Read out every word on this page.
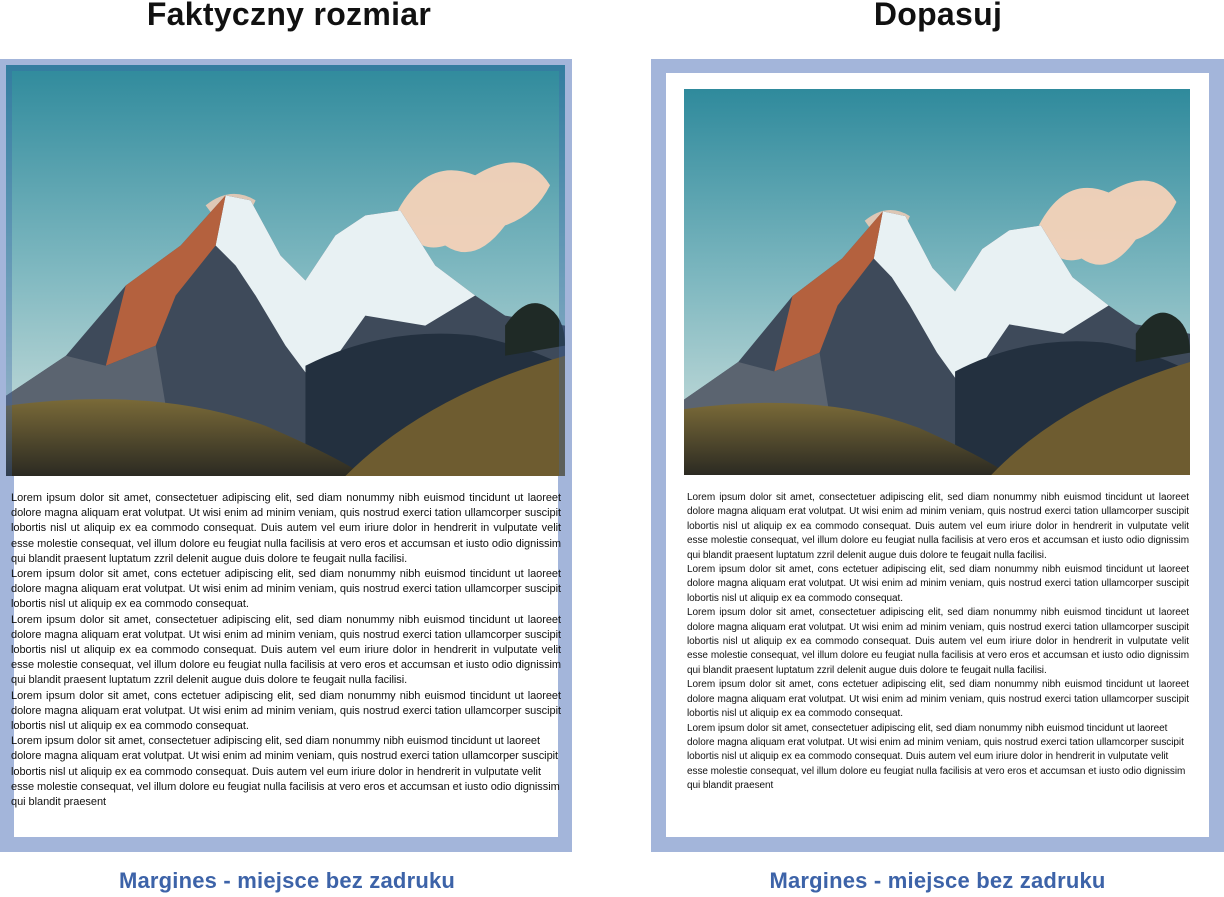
Faktyczny rozmiar

Lorem ipsum dolor sit amet, consectetuer adipiscing elit, sed diam nonummy nibh euismod tincidunt ut laoreet dolore magna aliquam erat volutpat. Ut wisi enim ad minim veniam, quis nostrud exerci tation ullamcorper suscipit lobortis nisl ut aliquip ex ea commodo consequat. Duis autem vel eum iriure dolor in hendrerit in vulputate velit esse molestie consequat, vel illum dolore eu feugiat nulla facilisis at vero eros et accumsan et iusto odio dignissim qui blandit praesent luptatum zzril delenit augue duis dolore te feugait nulla facilisi.

Lorem ipsum dolor sit amet, cons ectetuer adipiscing elit, sed diam nonummy nibh euismod tincidunt ut laoreet dolore magna aliquam erat volutpat. Ut wisi enim ad minim veniam, quis nostrud exerci tation ullamcorper suscipit lobortis nisl ut aliquip ex ea commodo consequat.

Lorem ipsum dolor sit amet, consectetuer adipiscing elit, sed diam nonummy nibh euismod tincidunt ut laoreet dolore magna aliquam erat volutpat. Ut wisi enim ad minim veniam, quis nostrud exerci tation ullamcorper suscipit lobortis nisl ut aliquip ex ea commodo consequat. Duis autem vel eum iriure dolor in hendrerit in vulputate velit esse molestie consequat, vel illum dolore eu feugiat nulla facilisis at vero eros et accumsan et iusto odio dignissim qui blandit praesent luptatum zzril delenit augue duis dolore te feugait nulla facilisi.

Lorem ipsum dolor sit amet, cons ectetuer adipiscing elit, sed diam nonummy nibh euismod tincidunt ut laoreet dolore magna aliquam erat volutpat. Ut wisi enim ad minim veniam, quis nostrud exerci tation ullamcorper suscipit lobortis nisl ut aliquip ex ea commodo consequat.

Lorem ipsum dolor sit amet, consectetuer adipiscing elit, sed diam nonummy nibh euismod tincidunt ut laoreet dolore magna aliquam erat volutpat. Ut wisi enim ad minim veniam, quis nostrud exerci tation ullamcorper suscipit lobortis nisl ut aliquip ex ea commodo consequat. Duis autem vel eum iriure dolor in hendrerit in vulputate velit esse molestie consequat, vel illum dolore eu feugiat nulla facilisis at vero eros et accumsan et iusto odio dignissim qui blandit praesent

Margines - miejsce bez zadruku
Dopasuj

Lorem ipsum dolor sit amet, consectetuer adipiscing elit, sed diam nonummy nibh euismod tincidunt ut laoreet dolore magna aliquam erat volutpat. Ut wisi enim ad minim veniam, quis nostrud exerci tation ullamcorper suscipit lobortis nisl ut aliquip ex ea commodo consequat. Duis autem vel eum iriure dolor in hendrerit in vulputate velit esse molestie consequat, vel illum dolore eu feugiat nulla facilisis at vero eros et accumsan et iusto odio dignissim qui blandit praesent luptatum zzril delenit augue duis dolore te feugait nulla facilisi.

Lorem ipsum dolor sit amet, cons ectetuer adipiscing elit, sed diam nonummy nibh euismod tincidunt ut laoreet dolore magna aliquam erat volutpat. Ut wisi enim ad minim veniam, quis nostrud exerci tation ullamcorper suscipit lobortis nisl ut aliquip ex ea commodo consequat.

Lorem ipsum dolor sit amet, consectetuer adipiscing elit, sed diam nonummy nibh euismod tincidunt ut laoreet dolore magna aliquam erat volutpat. Ut wisi enim ad minim veniam, quis nostrud exerci tation ullamcorper suscipit lobortis nisl ut aliquip ex ea commodo consequat. Duis autem vel eum iriure dolor in hendrerit in vulputate velit esse molestie consequat, vel illum dolore eu feugiat nulla facilisis at vero eros et accumsan et iusto odio dignissim qui blandit praesent luptatum zzril delenit augue duis dolore te feugait nulla facilisi.

Lorem ipsum dolor sit amet, cons ectetuer adipiscing elit, sed diam nonummy nibh euismod tincidunt ut laoreet dolore magna aliquam erat volutpat. Ut wisi enim ad minim veniam, quis nostrud exerci tation ullamcorper suscipit lobortis nisl ut aliquip ex ea commodo consequat.

Lorem ipsum dolor sit amet, consectetuer adipiscing elit, sed diam nonummy nibh euismod tincidunt ut laoreet dolore magna aliquam erat volutpat. Ut wisi enim ad minim veniam, quis nostrud exerci tation ullamcorper suscipit lobortis nisl ut aliquip ex ea commodo consequat. Duis autem vel eum iriure dolor in hendrerit in vulputate velit esse molestie consequat, vel illum dolore eu feugiat nulla facilisis at vero eros et accumsan et iusto odio dignissim qui blandit praesent

Margines - miejsce bez zadruku
